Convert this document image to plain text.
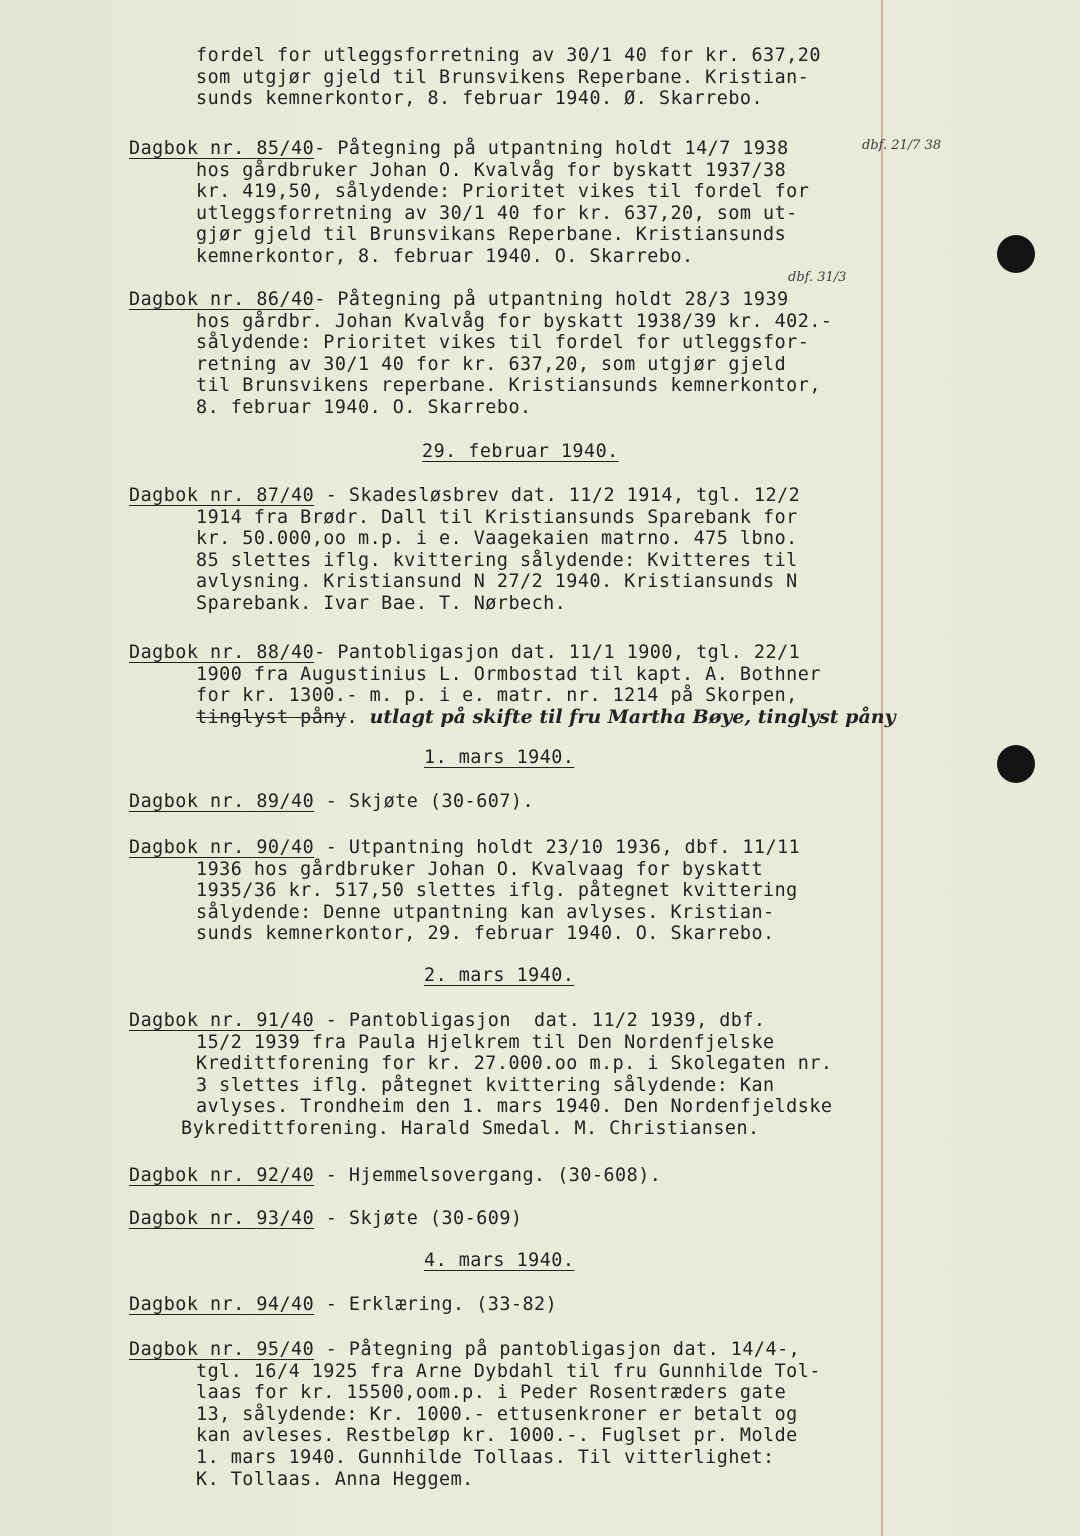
fordel for utleggsforretning av 30/1 40 for kr. 637,20
som utgjør gjeld til Brunsvikens Reperbane. Kristian-
sunds kemnerkontor, 8. februar 1940. Ø. Skarrebo.
Dagbok nr. 85/40- Påtegning på utpantning holdt 14/7 1938
hos gårdbruker Johan O. Kvalvåg for byskatt 1937/38
kr. 419,50, sålydende: Prioritet vikes til fordel for
utleggsforretning av 30/1 40 for kr. 637,20, som ut-
gjør gjeld til Brunsvikans Reperbane. Kristiansunds
kemnerkontor, 8. februar 1940. O. Skarrebo.
dbf. 21/7 38
Dagbok nr. 86/40- Påtegning på utpantning holdt 28/3 1939
hos gårdbr. Johan Kvalvåg for byskatt 1938/39 kr. 402.-
sålydende: Prioritet vikes til fordel for utleggsfor-
retning av 30/1 40 for kr. 637,20, som utgjør gjeld
til Brunsvikens reperbane. Kristiansunds kemnerkontor,
8. februar 1940. O. Skarrebo.
dbf. 31/3
29. februar 1940.
Dagbok nr. 87/40 - Skadesløsbrev dat. 11/2 1914, tgl. 12/2
1914 fra Brødr. Dall til Kristiansunds Sparebank for
kr. 50.000,oo m.p. i e. Vaagekaien matrno. 475 lbno.
85 slettes iflg. kvittering sålydende: Kvitteres til
avlysning. Kristiansund N 27/2 1940. Kristiansunds N
Sparebank. Ivar Bae. T. Nørbech.
Dagbok nr. 88/40- Pantobligasjon dat. 11/1 1900, tgl. 22/1
1900 fra Augustinius L. Ormbostad til kapt. A. Bothner
for kr. 1300.- m. p. i e. matr. nr. 1214 på Skorpen,
tinglyst påny. utlagt på skifte til fru Martha Bøye, tinglyst påny
1. mars 1940.
Dagbok nr. 89/40 - Skjøte (30-607).
Dagbok nr. 90/40 - Utpantning holdt 23/10 1936, dbf. 11/11
1936 hos gårdbruker Johan O. Kvalvaag for byskatt
1935/36 kr. 517,50 slettes iflg. påtegnet kvittering
sålydende: Denne utpantning kan avlyses. Kristian-
sunds kemnerkontor, 29. februar 1940. O. Skarrebo.
2. mars 1940.
Dagbok nr. 91/40 - Pantobligasjon  dat. 11/2 1939, dbf.
15/2 1939 fra Paula Hjelkrem til Den Nordenfjelske
Kredittforening for kr. 27.000.oo m.p. i Skolegaten nr.
3 slettes iflg. påtegnet kvittering sålydende: Kan
avlyses. Trondheim den 1. mars 1940. Den Nordenfjeldske
Bykredittforening. Harald Smedal. M. Christiansen.
Dagbok nr. 92/40 - Hjemmelsovergang. (30-608).
Dagbok nr. 93/40 - Skjøte (30-609)
4. mars 1940.
Dagbok nr. 94/40 - Erklæring. (33-82)
Dagbok nr. 95/40 - Påtegning på pantobligasjon dat. 14/4-,
tgl. 16/4 1925 fra Arne Dybdahl til fru Gunnhilde Tol-
laas for kr. 15500,oom.p. i Peder Rosentræders gate
13, sålydende: Kr. 1000.- ettusenkroner er betalt og
kan avleses. Restbeløp kr. 1000.-. Fuglset pr. Molde
1. mars 1940. Gunnhilde Tollaas. Til vitterlighet:
K. Tollaas. Anna Heggem.
